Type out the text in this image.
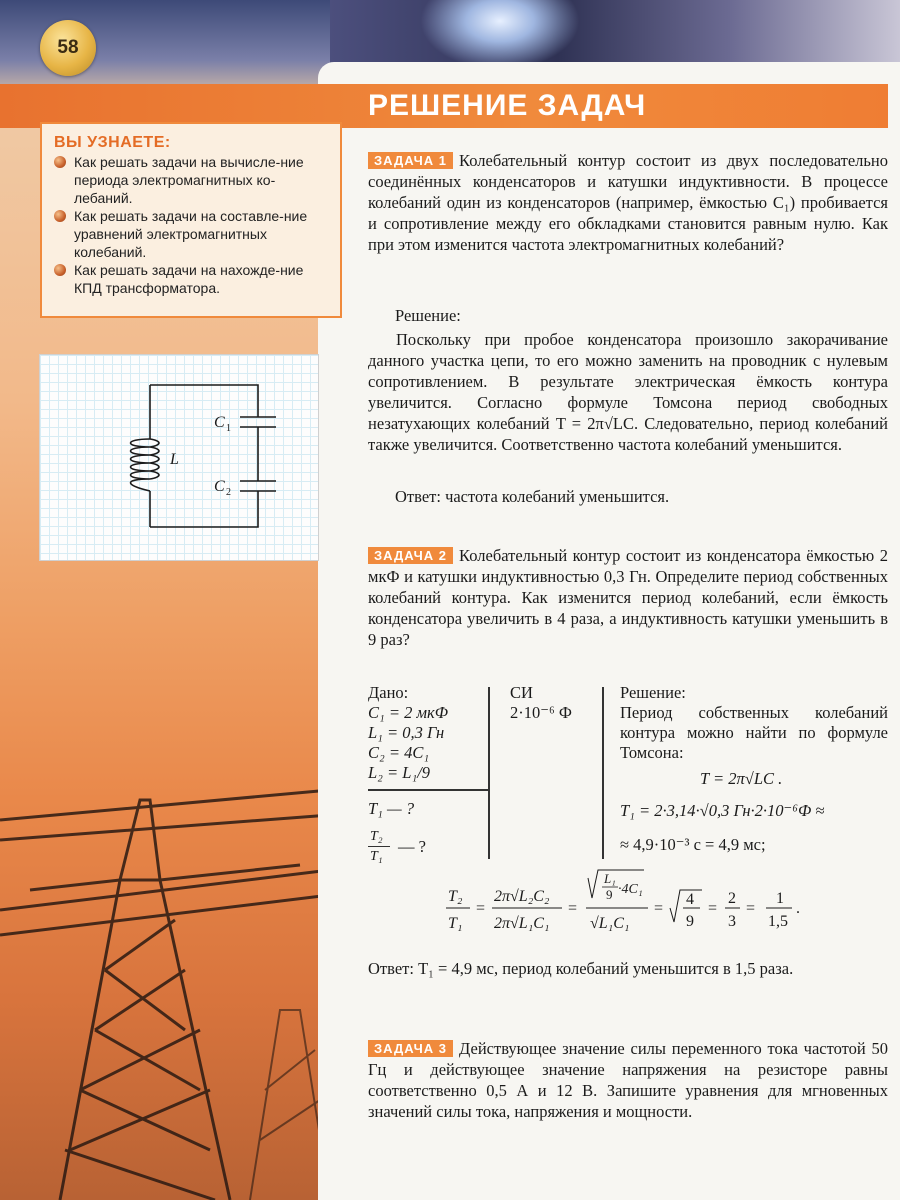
РЕШЕНИЕ ЗАДАЧ
58
ВЫ УЗНАЕТЕ:
Как решать задачи на вычисле-ние периода электромагнитных ко-лебаний.
Как решать задачи на составле-ние уравнений электромагнитных колебаний.
Как решать задачи на нахожде-ние КПД трансформатора.
L
C 1
C 2
ЗАДАЧА 1 Колебательный контур состоит из двух последовательно соединённых конденсаторов и катушки индуктивности. В процессе колебаний один из конденсаторов (например, ёмкостью C₁) пробивается и сопротивление между его обкладками становится равным нулю. Как при этом изменится частота электромагнитных колебаний?
Решение:
Поскольку при пробое конденсатора произошло закорачивание данного участка цепи, то его можно заменить на проводник с нулевым сопротивлением. В результате электрическая ёмкость контура увеличится. Согласно формуле Томсона период свободных незатухающих колебаний T = 2π√LC. Следовательно, период колебаний также увеличится. Соответственно частота колебаний уменьшится.
Ответ: частота колебаний уменьшится.
ЗАДАЧА 2 Колебательный контур состоит из конденсатора ёмкостью 2 мкФ и катушки индуктивностью 0,3 Гн. Определите период собственных колебаний контура. Как изменится период колебаний, если ёмкость конденсатора увеличить в 4 раза, а индуктивность катушки уменьшить в 9 раз?
Дано:
C₁ = 2 мкФ
L₁ = 0,3 Гн
C₂ = 4C₁
L₂ = L₁/9
T₁ — ?
T₂
T₁
— ?
СИ
2·10⁻⁶ Ф
Решение:
Период собственных колебаний контура можно найти по формуле Томсона:
T = 2π√LC .
T₁ = 2·3,14·√0,3 Гн·2·10⁻⁶Ф ≈
≈ 4,9·10⁻³ с = 4,9 мс;
T₂
T₁
=
2π√L₂C₂
2π√L₁C₁
=
L₁
9 ·4C₁
√L₁C₁
=
4
9
=
2
3
=
1
1,5
.
Ответ: T₁ = 4,9 мс, период колебаний уменьшится в 1,5 раза.
ЗАДАЧА 3 Действующее значение силы переменного тока частотой 50 Гц и действующее значение напряжения на резисторе равны соответственно 0,5 А и 12 В. Запишите уравнения для мгновенных значений силы тока, напряжения и мощности.
